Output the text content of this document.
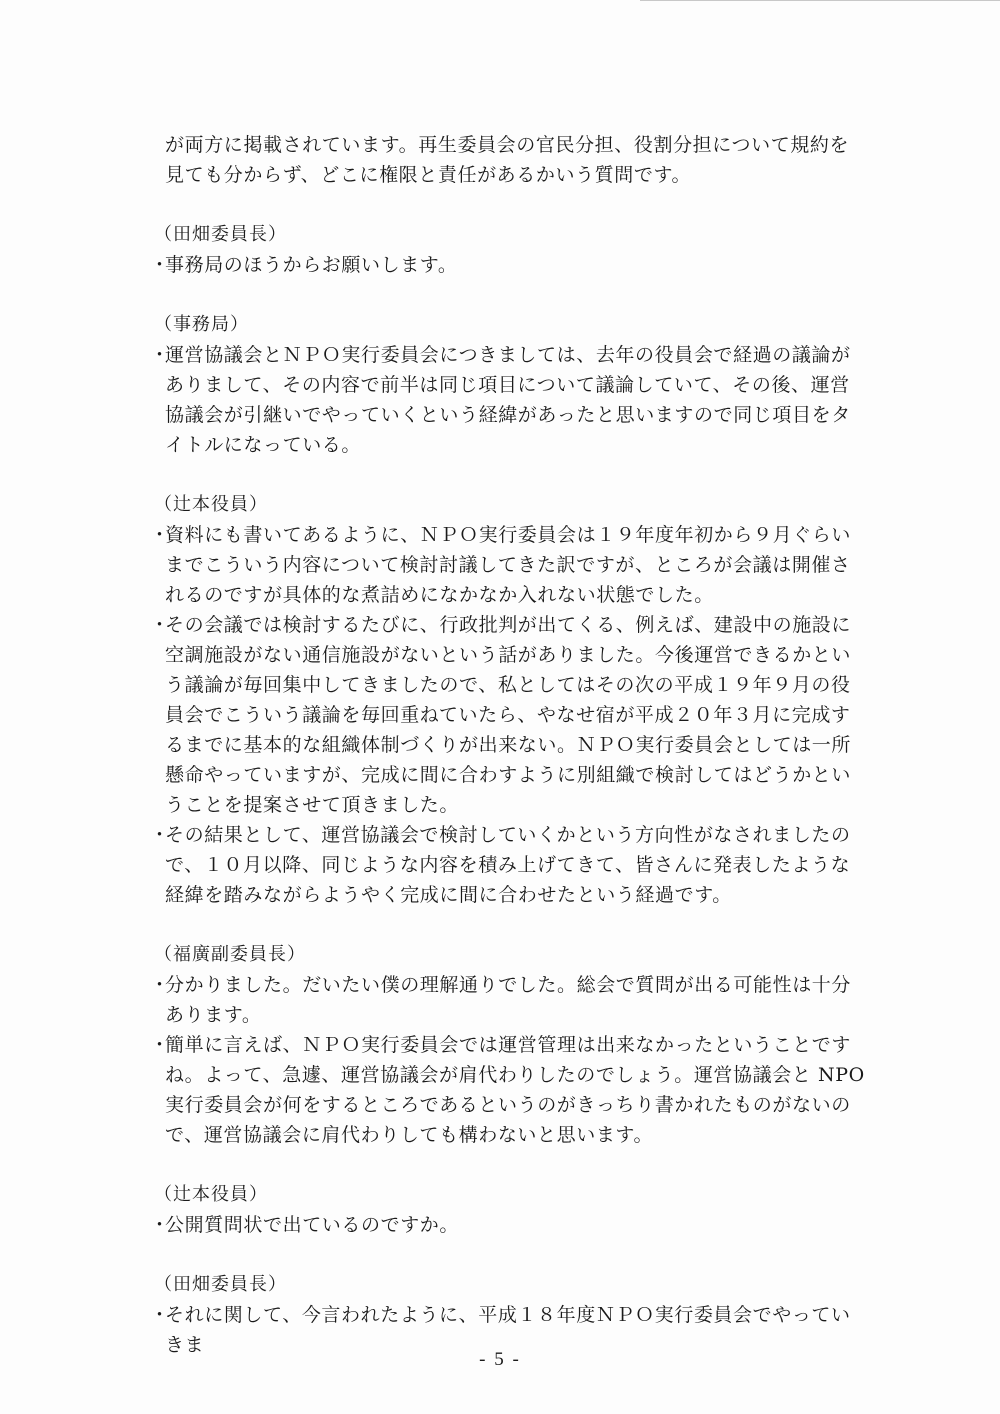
が両方に掲載されています。再生委員会の官民分担、役割分担について規約を見ても分からず、どこに権限と責任があるかいう質問です。

（田畑委員長）

・
事務局のほうからお願いします。

（事務局）

・
運営協議会とＮＰＯ実行委員会につきましては、去年の役員会で経過の議論がありまして、その内容で前半は同じ項目について議論していて、その後、運営協議会が引継いでやっていくという経緯があったと思いますので同じ項目をタイトルになっている。

（辻本役員）

・
資料にも書いてあるように、ＮＰＯ実行委員会は１９年度年初から９月ぐらいまでこういう内容について検討討議してきた訳ですが、ところが会議は開催されるのですが具体的な煮詰めになかなか入れない状態でした。
・
その会議では検討するたびに、行政批判が出てくる、例えば、建設中の施設に空調施設がない通信施設がないという話がありました。今後運営できるかという議論が毎回集中してきましたので、私としてはその次の平成１９年９月の役員会でこういう議論を毎回重ねていたら、やなせ宿が平成２０年３月に完成するまでに基本的な組織体制づくりが出来ない。ＮＰＯ実行委員会としては一所懸命やっていますが、完成に間に合わすように別組織で検討してはどうかということを提案させて頂きました。
・
その結果として、運営協議会で検討していくかという方向性がなされましたので、１０月以降、同じような内容を積み上げてきて、皆さんに発表したような経緯を踏みながらようやく完成に間に合わせたという経過です。

（福廣副委員長）

・
分かりました。だいたい僕の理解通りでした。総会で質問が出る可能性は十分あります。
・
簡単に言えば、ＮＰＯ実行委員会では運営管理は出来なかったということですね。よって、急遽、運営協議会が肩代わりしたのでしょう。運営協議会と NPO 実行委員会が何をするところであるというのがきっちり書かれたものがないので、運営協議会に肩代わりしても構わないと思います。

（辻本役員）

・
公開質問状で出ているのですか。

（田畑委員長）

・
それに関して、今言われたように、平成１８年度ＮＰＯ実行委員会でやっていきま
- 5 -
